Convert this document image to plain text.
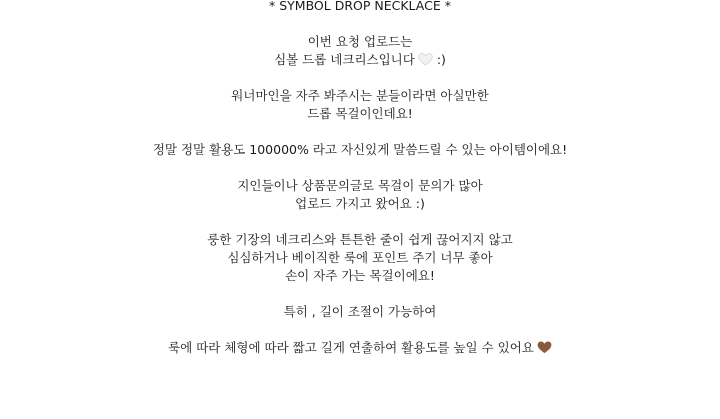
* SYMBOL DROP NECKLACE *
이번 요청 업로드는
심볼 드롭 네크리스입니다 :)
워너마인을 자주 봐주시는 분들이라면 아실만한
드롭 목걸이인데요!
정말 정말 활용도 100000% 라고 자신있게 말씀드릴 수 있는 아이템이에요!
지인들이나 상품문의글로 목걸이 문의가 많아
업로드 가지고 왔어요 :)
룽한 기장의 네크리스와 튼튼한 줄이 쉽게 끊어지지 않고
심심하거나 베이직한 룩에 포인트 주기 너무 좋아
손이 자주 가는 목걸이에요!
특히 , 길이 조절이 가능하여
룩에 따라 체형에 따라 짧고 길게 연출하여 활용도를 높일 수 있어요
